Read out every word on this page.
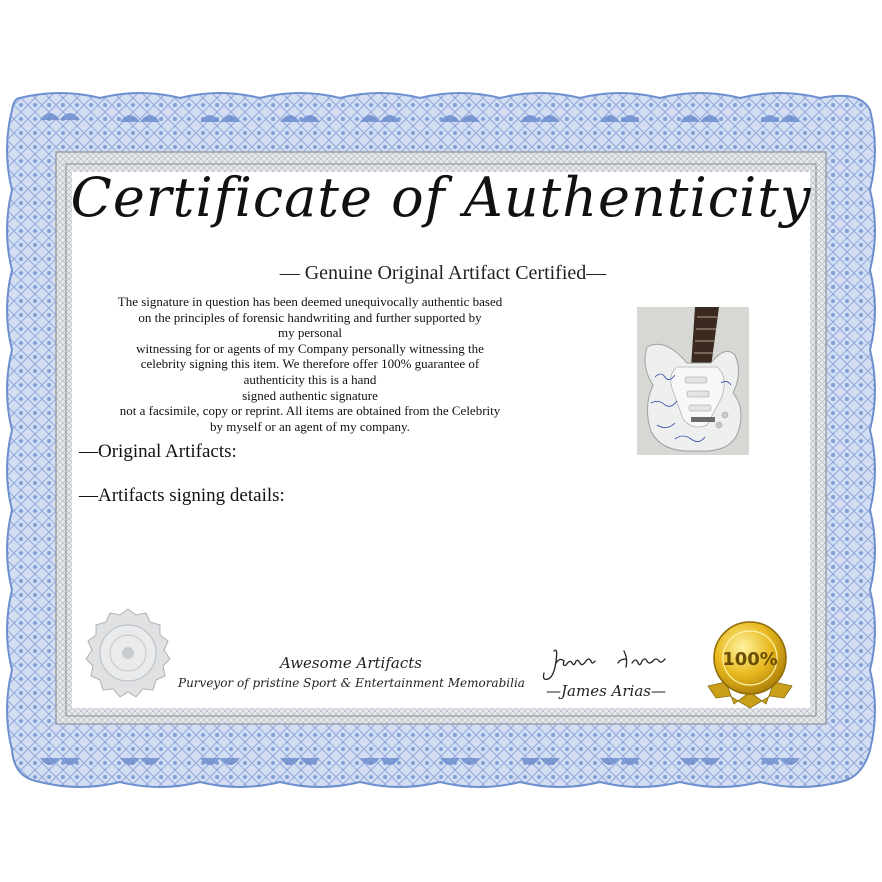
Certificate of Authenticity
— Genuine Original Artifact Certified—
The signature in question has been deemed unequivocally authentic based
on the principles of forensic handwriting and further supported by
my personal
witnessing for or agents of my Company personally witnessing the
celebrity signing this item. We therefore offer 100% guarantee of
authenticity this is a hand
signed authentic signature
not a facsimile, copy or reprint. All items are obtained from the Celebrity
by myself or an agent of my company.
—Original Artifacts:
—Artifacts signing details:
Awesome Artifacts
Purveyor of pristine Sport & Entertainment Memorabilia	—James Arias—
100%
